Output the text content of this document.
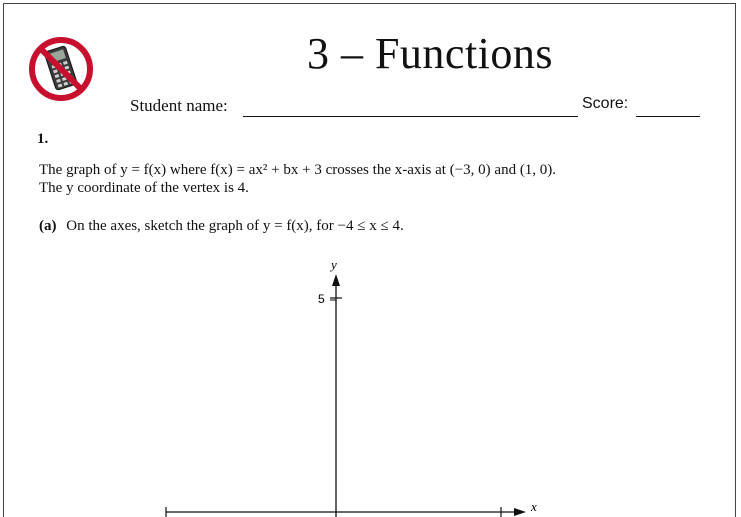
3 – Functions
Student name:	Score:
1.
The graph of y = f(x) where f(x) = ax² + bx + 3 crosses the x-axis at (−3, 0) and (1, 0).
The y coordinate of the vertex is 4.
(a) On the axes, sketch the graph of y = f(x), for −4 ≤ x ≤ 4.
y
5
x
